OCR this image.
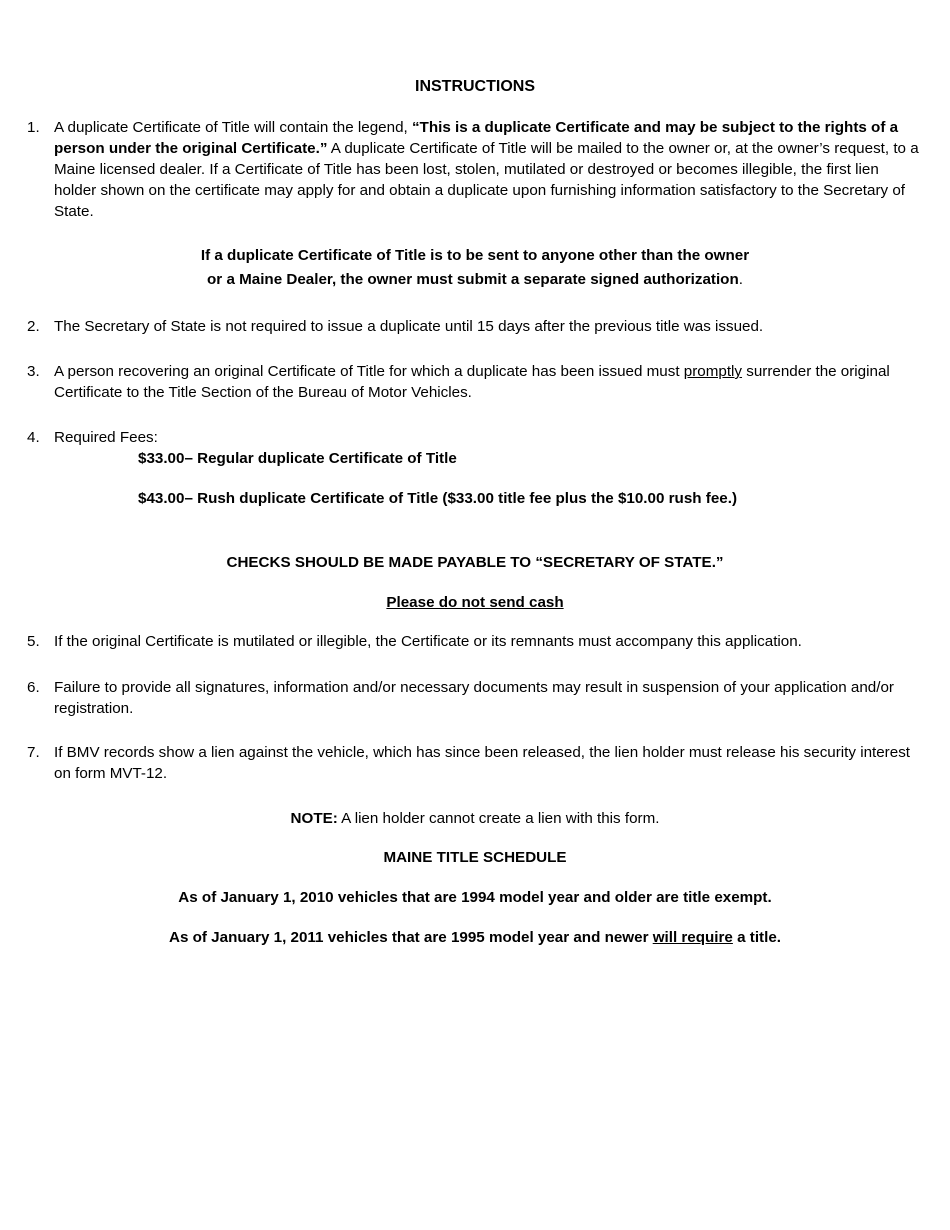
INSTRUCTIONS
1. A duplicate Certificate of Title will contain the legend, “This is a duplicate Certificate and may be subject to the rights of a person under the original Certificate.” A duplicate Certificate of Title will be mailed to the owner or, at the owner’s request, to a Maine licensed dealer. If a Certificate of Title has been lost, stolen, mutilated or destroyed or becomes illegible, the first lien holder shown on the certificate may apply for and obtain a duplicate upon furnishing information satisfactory to the Secretary of State.
If a duplicate Certificate of Title is to be sent to anyone other than the owner
or a Maine Dealer, the owner must submit a separate signed authorization.
2. The Secretary of State is not required to issue a duplicate until 15 days after the previous title was issued.
3. A person recovering an original Certificate of Title for which a duplicate has been issued must promptly surrender the original Certificate to the Title Section of the Bureau of Motor Vehicles.
4. Required Fees:
$33.00– Regular duplicate Certificate of Title
$43.00– Rush duplicate Certificate of Title ($33.00 title fee plus the $10.00 rush fee.)
CHECKS SHOULD BE MADE PAYABLE TO “SECRETARY OF STATE.”
Please do not send cash
5. If the original Certificate is mutilated or illegible, the Certificate or its remnants must accompany this application.
6. Failure to provide all signatures, information and/or necessary documents may result in suspension of your application and/or registration.
7. If BMV records show a lien against the vehicle, which has since been released, the lien holder must release his security interest on form MVT-12.
NOTE: A lien holder cannot create a lien with this form.
MAINE TITLE SCHEDULE
As of January 1, 2010 vehicles that are 1994 model year and older are title exempt.
As of January 1, 2011 vehicles that are 1995 model year and newer will require a title.
